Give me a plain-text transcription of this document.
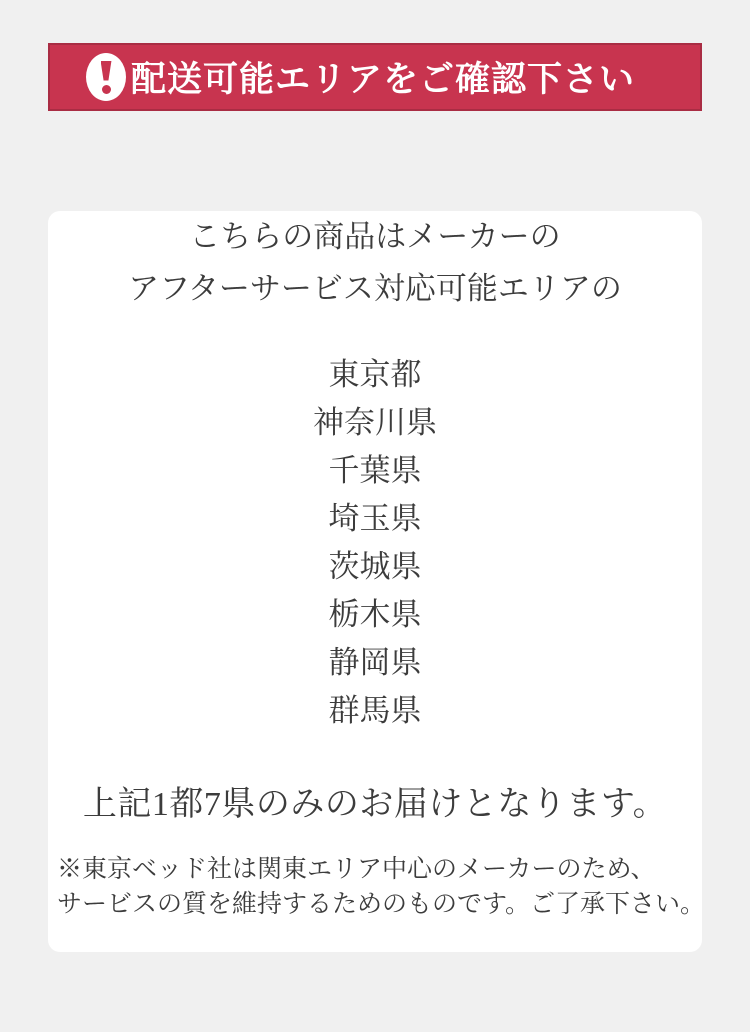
配送可能エリアをご確認下さい
こちらの商品はメーカーの
アフターサービス対応可能エリアの
東京都
神奈川県
千葉県
埼玉県
茨城県
栃木県
静岡県
群馬県
上記1都7県のみのお届けとなります。
※東京ベッド社は関東エリア中心のメーカーのため、
サービスの質を維持するためのものです。ご了承下さい。
